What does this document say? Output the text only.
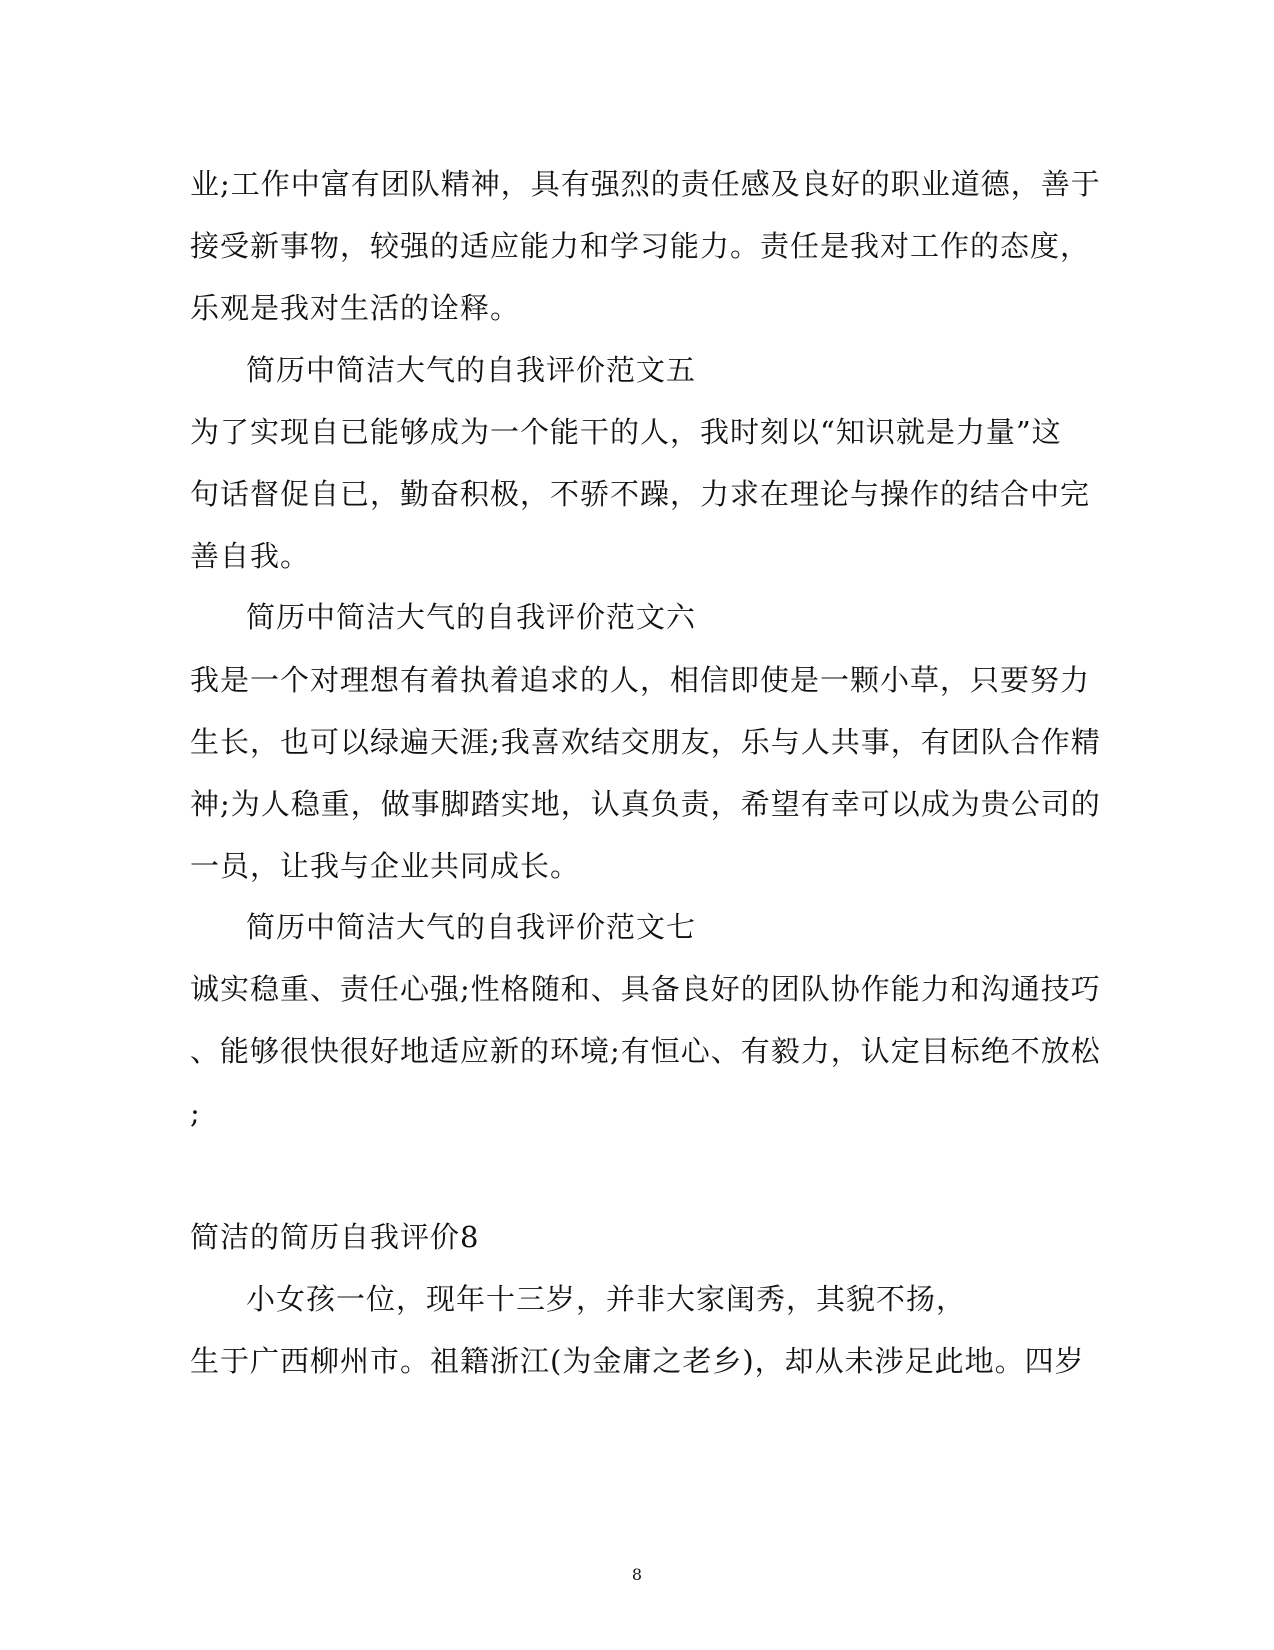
业;工作中富有团队精神，具有强烈的责任感及良好的职业道德，善于
接受新事物，较强的适应能力和学习能力。责任是我对工作的态度，
乐观是我对生活的诠释。
简历中简洁大气的自我评价范文五
为了实现自已能够成为一个能干的人，我时刻以“知识就是力量”这
句话督促自已，勤奋积极，不骄不躁，力求在理论与操作的结合中完
善自我。
简历中简洁大气的自我评价范文六
我是一个对理想有着执着追求的人，相信即使是一颗小草，只要努力
生长，也可以绿遍天涯;我喜欢结交朋友，乐与人共事，有团队合作精
神;为人稳重，做事脚踏实地，认真负责，希望有幸可以成为贵公司的
一员，让我与企业共同成长。
简历中简洁大气的自我评价范文七
诚实稳重、责任心强;性格随和、具备良好的团队协作能力和沟通技巧
、能够很快很好地适应新的环境;有恒心、有毅力，认定目标绝不放松
;
简洁的简历自我评价8
小女孩一位，现年十三岁，并非大家闺秀，其貌不扬，
生于广西柳州市。祖籍浙江(为金庸之老乡)，却从未涉足此地。四岁
8
